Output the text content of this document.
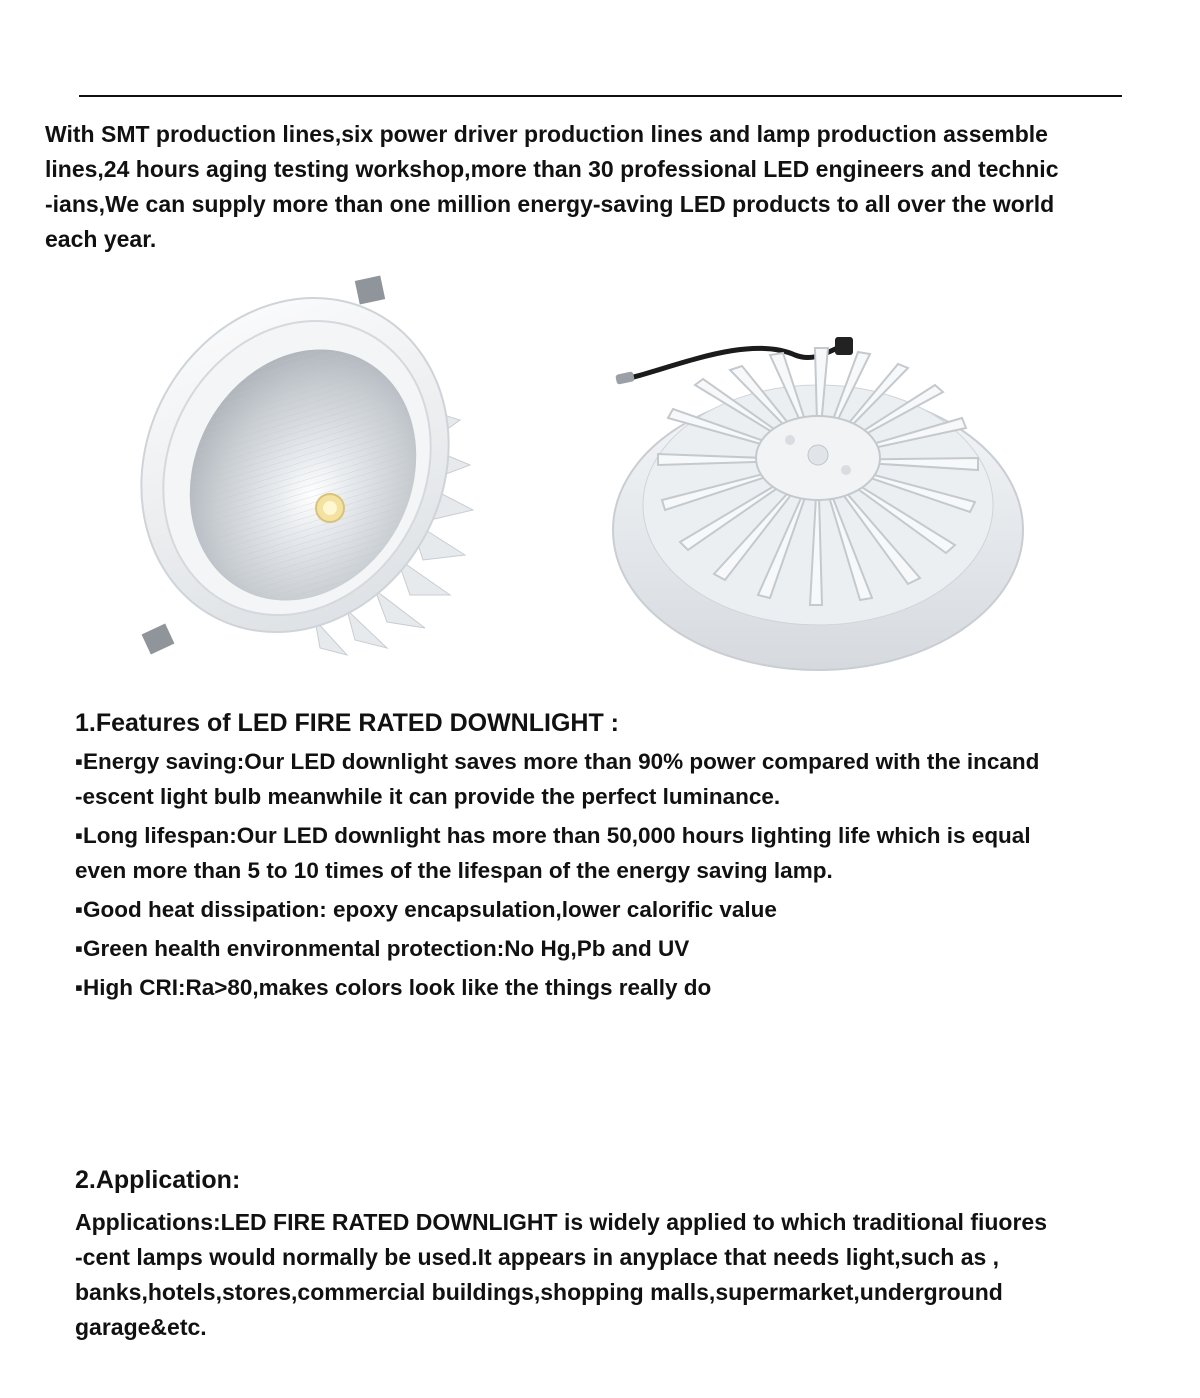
With SMT production lines,six power driver production lines and lamp production assemble
lines,24 hours aging testing workshop,more than 30 professional LED engineers and technic
-ians,We can supply more than one million energy-saving LED products to all over the world
each year.

1.Features of LED FIRE RATED DOWNLIGHT :

▪Energy saving:Our LED downlight saves more than 90% power compared with the incand
-escent light bulb meanwhile it can provide the perfect luminance.

▪Long lifespan:Our LED downlight has more than 50,000 hours lighting life which is equal
even more than 5 to 10 times of the lifespan of the energy saving lamp.

▪Good heat dissipation: epoxy encapsulation,lower calorific value

▪Green health environmental protection:No Hg,Pb and UV

▪High CRI:Ra>80,makes colors look like the things really do

2.Application:

Applications:LED FIRE RATED DOWNLIGHT is widely applied to which traditional fiuores
-cent lamps would normally be used.It appears in anyplace that needs light,such as ,
banks,hotels,stores,commercial buildings,shopping malls,supermarket,underground
garage&etc.
